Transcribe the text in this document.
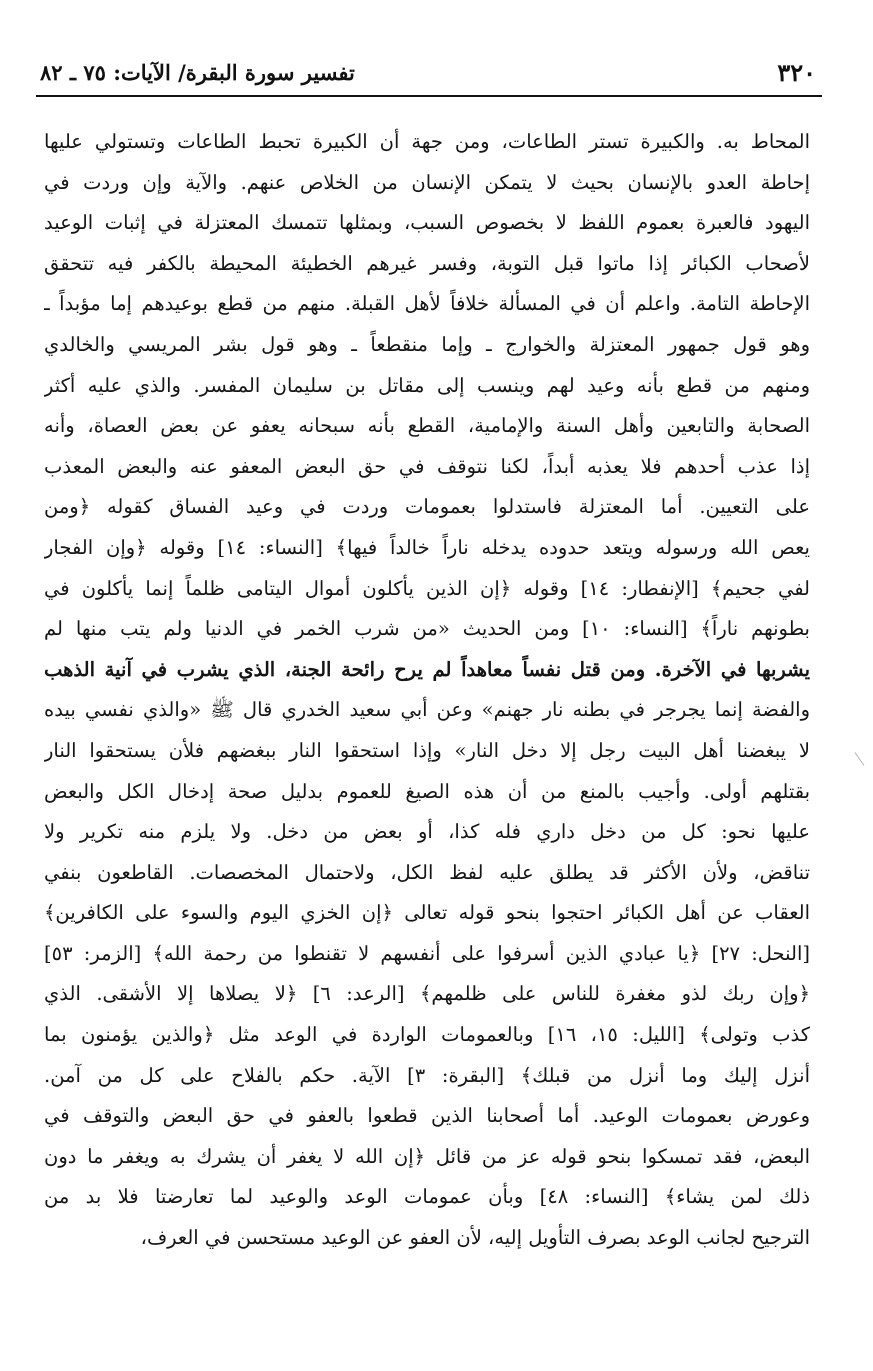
٣٢٠
تفسير سورة البقرة/ الآيات: ٧٥ ـ ٨٢
المحاط به. والكبيرة تستر الطاعات، ومن جهة أن الكبيرة تحبط الطاعات وتستولي عليها
إحاطة العدو بالإنسان بحيث لا يتمكن الإنسان من الخلاص عنهم. والآية وإن وردت في
اليهود فالعبرة بعموم اللفظ لا بخصوص السبب، وبمثلها تتمسك المعتزلة في إثبات الوعيد
لأصحاب الكبائر إذا ماتوا قبل التوبة، وفسر غيرهم الخطيئة المحيطة بالكفر فيه تتحقق
الإحاطة التامة. واعلم أن في المسألة خلافاً لأهل القبلة. منهم من قطع بوعيدهم إما مؤبداً ـ
وهو قول جمهور المعتزلة والخوارج ـ وإما منقطعاً ـ وهو قول بشر المريسي والخالدي
ومنهم من قطع بأنه وعيد لهم وينسب إلى مقاتل بن سليمان المفسر. والذي عليه أكثر
الصحابة والتابعين وأهل السنة والإمامية، القطع بأنه سبحانه يعفو عن بعض العصاة، وأنه
إذا عذب أحدهم فلا يعذبه أبداً، لكنا نتوقف في حق البعض المعفو عنه والبعض المعذب
على التعيين. أما المعتزلة فاستدلوا بعمومات وردت في وعيد الفساق كقوله ﴿ومن
يعص الله ورسوله ويتعد حدوده يدخله ناراً خالداً فيها﴾ [النساء: ١٤] وقوله ﴿وإن الفجار
لفي جحيم﴾ [الإنفطار: ١٤] وقوله ﴿إن الذين يأكلون أموال اليتامى ظلماً إنما يأكلون في
بطونهم ناراً﴾ [النساء: ١٠] ومن الحديث «من شرب الخمر في الدنيا ولم يتب منها لم
يشربها في الآخرة. ومن قتل نفساً معاهداً لم يرح رائحة الجنة، الذي يشرب في آنية الذهب
والفضة إنما يجرجر في بطنه نار جهنم» وعن أبي سعيد الخدري قال ﷺ «والذي نفسي بيده
لا يبغضنا أهل البيت رجل إلا دخل النار» وإذا استحقوا النار ببغضهم فلأن يستحقوا النار
بقتلهم أولى. وأجيب بالمنع من أن هذه الصيغ للعموم بدليل صحة إدخال الكل والبعض
عليها نحو: كل من دخل داري فله كذا، أو بعض من دخل. ولا يلزم منه تكرير ولا
تناقض، ولأن الأكثر قد يطلق عليه لفظ الكل، ولاحتمال المخصصات. القاطعون بنفي
العقاب عن أهل الكبائر احتجوا بنحو قوله تعالى ﴿إن الخزي اليوم والسوء على الكافرين﴾
[النحل: ٢٧] ﴿يا عبادي الذين أسرفوا على أنفسهم لا تقنطوا من رحمة الله﴾ [الزمر: ٥٣]
﴿وإن ربك لذو مغفرة للناس على ظلمهم﴾ [الرعد: ٦] ﴿لا يصلاها إلا الأشقى. الذي
كذب وتولى﴾ [الليل: ١٥، ١٦] وبالعمومات الواردة في الوعد مثل ﴿والذين يؤمنون بما
أنزل إليك وما أنزل من قبلك﴾ [البقرة: ٣] الآية. حكم بالفلاح على كل من آمن.
وعورض بعمومات الوعيد. أما أصحابنا الذين قطعوا بالعفو في حق البعض والتوقف في
البعض، فقد تمسكوا بنحو قوله عز من قائل ﴿إن الله لا يغفر أن يشرك به ويغفر ما دون
ذلك لمن يشاء﴾ [النساء: ٤٨] وبأن عمومات الوعد والوعيد لما تعارضتا فلا بد من
الترجيح لجانب الوعد بصرف التأويل إليه، لأن العفو عن الوعيد مستحسن في العرف،
